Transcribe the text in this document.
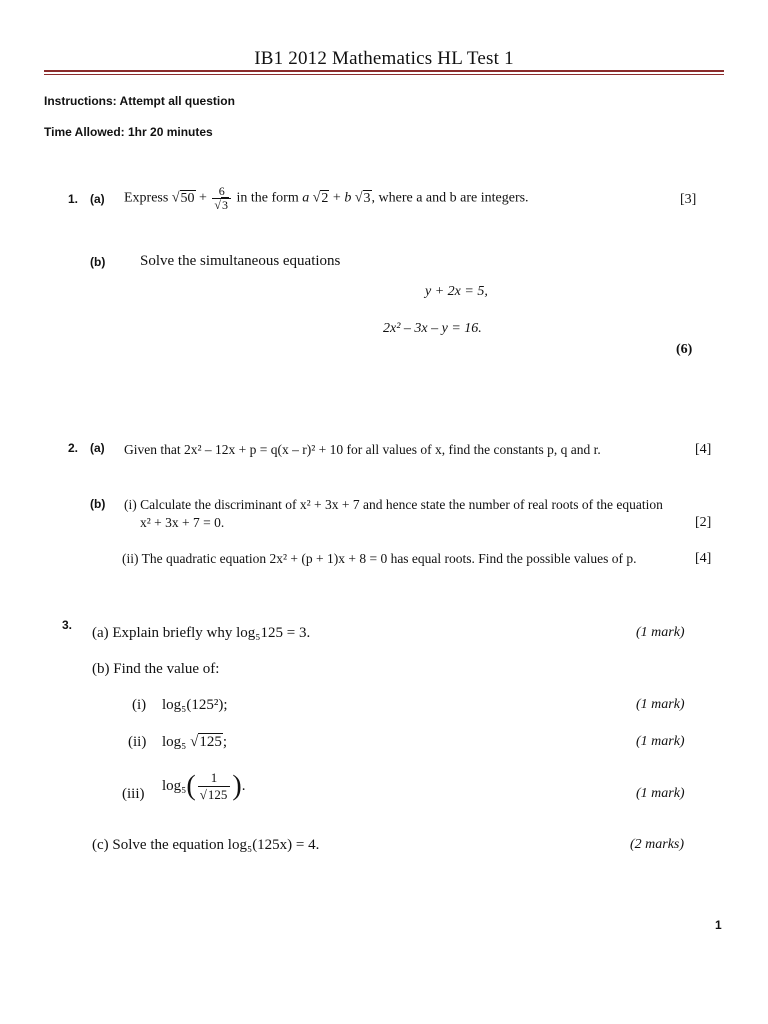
IB1 2012 Mathematics HL Test 1
Instructions: Attempt all question
Time Allowed: 1hr 20 minutes
1. (a) Express $√50 + \frac{6}{√3}$ in the form a √2 + b √3, where a and b are integers.	[3]
(b) Solve the simultaneous equations
y + 2x = 5,
2x² – 3x – y = 16.
(6)
2. (a) Given that 2x² – 12x + p = q(x – r)² + 10 for all values of x, find the constants p, q and r.	[4]
(b) (i) Calculate the discriminant of x² + 3x + 7 and hence state the number of real roots of the equation
x² + 3x + 7 = 0.	[2]
(ii) The quadratic equation 2x² + (p + 1)x + 8 = 0 has equal roots. Find the possible values of p.	[4]
3. (a) Explain briefly why log₅125 = 3.	(1 mark)
(b) Find the value of:
(i) log₅(125²);	(1 mark)
(ii) log₅ √125;	(1 mark)
(iii)
$\log_5( \frac{1}{√125}$ ).	(1 mark)
(c) Solve the equation log₅(125x) = 4.	(2 marks)
1
